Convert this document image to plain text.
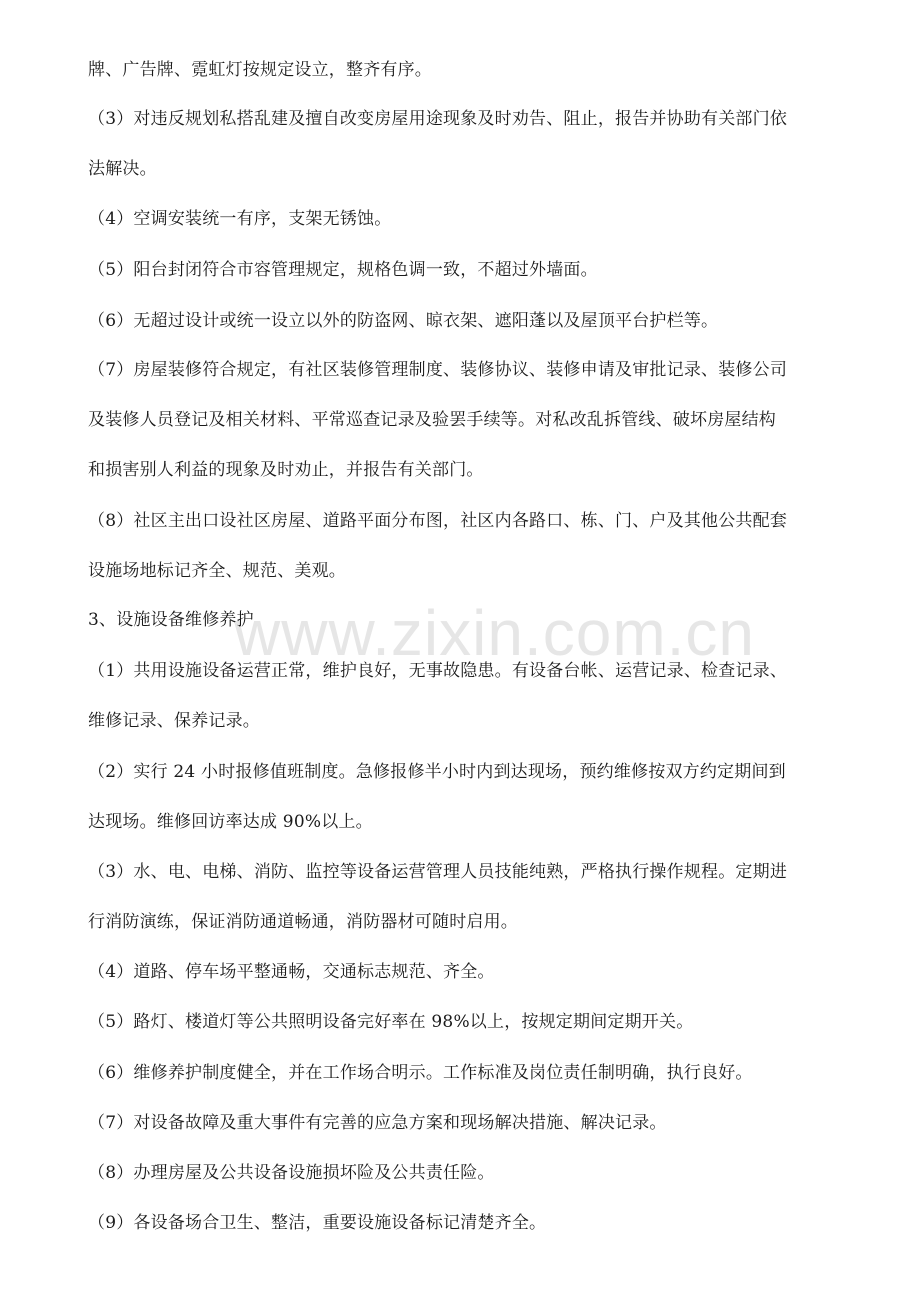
www.zixin.com.cn
牌、广告牌、霓虹灯按规定设立，整齐有序。
（3）对违反规划私搭乱建及擅自改变房屋用途现象及时劝告、阻止，报告并协助有关部门依
法解决。
（4）空调安装统一有序，支架无锈蚀。
（5）阳台封闭符合市容管理规定，规格色调一致，不超过外墙面。
（6）无超过设计或统一设立以外的防盗网、晾衣架、遮阳蓬以及屋顶平台护栏等。
（7）房屋装修符合规定，有社区装修管理制度、装修协议、装修申请及审批记录、装修公司
及装修人员登记及相关材料、平常巡查记录及验罢手续等。对私改乱拆管线、破坏房屋结构
和损害别人利益的现象及时劝止，并报告有关部门。
（8）社区主出口设社区房屋、道路平面分布图，社区内各路口、栋、门、户及其他公共配套
设施场地标记齐全、规范、美观。
3、设施设备维修养护
（1）共用设施设备运营正常，维护良好，无事故隐患。有设备台帐、运营记录、检查记录、
维修记录、保养记录。
（2）实行 24 小时报修值班制度。急修报修半小时内到达现场，预约维修按双方约定期间到
达现场。维修回访率达成 90%以上。
（3）水、电、电梯、消防、监控等设备运营管理人员技能纯熟，严格执行操作规程。定期进
行消防演练，保证消防通道畅通，消防器材可随时启用。
（4）道路、停车场平整通畅，交通标志规范、齐全。
（5）路灯、楼道灯等公共照明设备完好率在 98%以上，按规定期间定期开关。
（6）维修养护制度健全，并在工作场合明示。工作标准及岗位责任制明确，执行良好。
（7）对设备故障及重大事件有完善的应急方案和现场解决措施、解决记录。
（8）办理房屋及公共设备设施损坏险及公共责任险。
（9）各设备场合卫生、整洁，重要设施设备标记清楚齐全。
